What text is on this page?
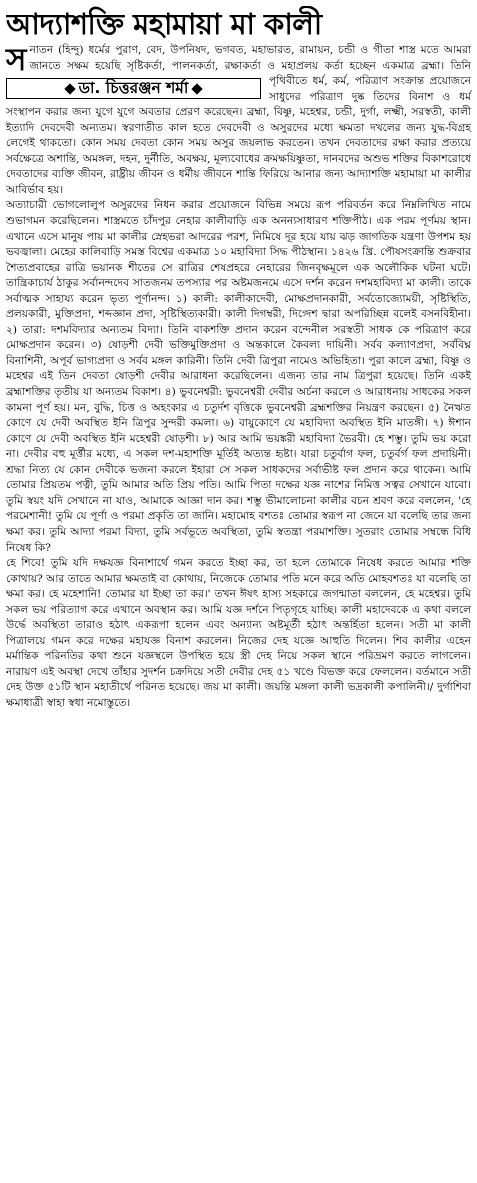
আদ্যাশক্তি মহামায়া মা কালী
স
ডা. চিত্তরঞ্জন শর্মা
নাতন (হিন্দু) ধর্মের পুরাণ, বেদ, উপনিষদ, ভগবত, মহাভারত, রামায়ন, চন্ডী ও গীতা শাস্ত্র মতে আমরা জানতে সক্ষম হয়েছি সৃষ্টিকর্তা, পালনকর্তা, রক্ষাকর্তা ও মহাপ্রলয় কর্তা হচ্ছেন একমাত্র ব্রহ্মা। তিনি পৃথিবীতে ধর্ম, কর্ম, পরিত্রাণ সংক্রান্ত প্রয়োজনে সাধুদের পরিত্রাণ দুষ্ক তিদের বিনাশ ও ধর্ম সংস্থাপন করার জন্য যুগে যুগে অবতার প্রেরণ করেছেন। ব্রহ্মা, বিষ্ণু, মহেশ্বর, চন্ডী, দুর্গা, লক্ষ্মী, সরস্বতী, কালী ইত্যাদি দেবদেবী অন্যতম। স্বরণাতীত কাল হতে দেবদেবী ও অসুরদের মধ্যে ক্ষমতা দখলের জন্য যুদ্ধ-বিগ্রহ লেগেই থাকতো। কোন সময় দেবতা কোন সময় অসুর জয়লাভ করতেন। তখন দেবতাদের রক্ষা করার প্রত্যয়ে সর্বক্ষেত্রে অশান্তি, অমঙ্গল, দহন, দুর্নীতি, অবক্ষয়, মূল্যবোধের ক্রমক্ষয়িষ্ণুতা, দানবদের অশুভ শক্তির বিকাশরোধে দেবতাদের ব্যক্তি জীবন, রাষ্ট্রীয় জীবন ও ধর্মীয় জীবনে শান্তি ফিরিয়ে আনার জন্য আদ্যাশক্তি মহামায়া মা কালীর আবির্ভাব হয়।

অত্যাচারী ভোগলোলুপ অসুরদের নিধন করার প্রয়োজনে বিভিন্ন সময়ে রূপ পরিবর্তন করে নিম্নলিখিত নামে শুভাগমন করেছিলেন। শাস্ত্রমতে চাঁদপুর নেহার কালীবাড়ি এক অনন্যসাধারণ শক্তিপীঠ। এক পরম পূর্ণময় স্থান। এখানে এসে মানুষ পায় মা কালীর স্নেহভরা আদরের পরশ, নিমিষে দূর হয়ে যায় ঝড় জাগতিক যন্ত্রণা উপশম হয় ভবজ্বালা। মেহের কালিবাড়ি সমস্ত বিশ্বের একমাত্র ১০ মহাবিদ্যা সিদ্ধ পীঠস্থান। ১৪২৬ খ্রি. পৌষসংক্রান্তি শুক্রবার শৈত্যপ্রবাহের রাত্রি ভয়ানক শীতের সে রাত্রির শেষপ্রহরে নেহারের জিনবৃক্ষমূলে এক অলৌকিক ঘটনা ঘটে। তান্ত্রিকাচার্য ঠাকুর সর্বানন্দদেব সাতজনম তপস্যার পর অষ্টমজনমে এসে দর্শন করেন দশমহাবিদ্যা মা কালী। তাকে সর্বাত্মক সাহায্য করেন ভৃত্য পূর্ণানন্দ। ১) কালী: কালীকাদেবী, মোক্ষপ্রদানকারী, সর্বতোজ্যোময়ী, সৃষ্টিস্থিতি, প্রলয়কারী, মুক্তিপ্রদা, শব্দজ্ঞান প্রদা, সৃষ্টিস্থিত্যকারী। কালী দিগম্বরী, দিগ্দেশ দ্বারা অপরিচ্ছিন্ন বলেই বসনবিহীনা। ২) তারা: দশমবিদ্যার অন্যতম বিদ্যা। তিনি বাকশক্তি প্রদান করেন বন্দেনীল সরস্বতী সাধক কে পরিত্রাণ করে মোক্ষপ্রদান করেন। ৩) ষোড়শী দেবী ভক্তিমুক্তিপ্রদা ও অন্তকালে কৈবল্য দায়িনী। সর্বব কল্যাণপ্রদা, সর্ববিঘ্ন বিনাশিনী, অপূর্ব ভাগ্যপ্রদা ও সর্বব মঙ্গল কারিনী। তিনি দেবী ত্রিপুরা নামেও অভিহিতা। পুরা কালে ব্রহ্মা, বিষ্ণু ও মহেশ্বর এই তিন দেবতা ষোড়শী দেবীর আরাধনা করেছিলেন। এজন্য তার নাম ত্রিপুরা হয়েছে। তিনি একই ব্রহ্মাশক্তির তৃতীয় যা অন্যতম বিকাশ। ৪) ভুবনেশ্বরী: ভুবনেশ্বরী দেবীর অর্চনা করলে ও আরাধনায় সাধকের সকল কামনা পূর্ণ হয়। মন, বুদ্ধি, চিত্ত ও অহংকার এ চতুর্দশ বৃত্তিকে ভুবনেশ্বরী ব্রহ্মশক্তির নিয়ন্ত্রণ করছেন। ৫) নৈঋত কোণে যে দেবী অবস্থিত ইনি ত্রিপুর সুন্দরী কমলা। ৬) বায়ুকোণে যে মহাবিদ্যা অবস্থিত ইনি মাতঙ্গী। ৭) ঈশান কোণে যে দেবী অবস্থিত ইনি মহেশ্বরী ষোড়শী। ৮) আর আমি ভয়ঙ্করী মহাবিদ্যা ভৈরবী। হে শম্ভু। তুমি ভয় করো না। দেবীর বহু মূর্ত্তীর মধ্যে, এ সকল দশ-মহাশক্তি মূর্তিই অত্যন্ত হৃষ্টা। যারা চতুর্বাগ ফল, চতুর্বর্গ ফল প্রদায়িনী। শ্রদ্ধা নিত্য যে কোন দেবীকে ভজনা করলে ইহারা সে সকল সাধকদের সর্বাভীষ্ট ফল প্রদান করে থাকেন। আমি তোমার প্রিয়তম পত্নী, তুমি আমার অতি প্রিয় পতি। আমি পিতা দক্ষের যজ্ঞ নাশের নিমিত্ত সত্বর সেখানে যাবো। তুমি স্বয়ং যদি সেখানে না যাও, আমাকে আজ্ঞা দান কর। শম্ভু ভীমালোচনা কালীর বচন শ্রবণ করে বললেন, 'হে পরমেশানী! তুমি যে পূর্ণা ও পরমা প্রকৃতি তা জানি। মহামোহ বশতঃ তোমার স্বরূপ না জেনে যা বলেছি তার জন্য ক্ষমা কর। তুমি আদ্যা পরমা বিদ্যা, তুমি সর্বভূতে অবস্থিতা, তুমি স্বতন্ত্রা পরমাশক্তি। সুতরাং তোমার সম্বন্ধে বিধি নিষেধ কি?

হে শিবে! তুমি যদি দক্ষযজ্ঞ বিনাশার্থে গমন করতে ইচ্ছা কর, তা হলে তোমাকে নিষেধ করতে আমার শক্তি কোথায়? আর তাতে আমার ক্ষমতাই বা কোথায়, নিজেকে তোমার পতি মনে করে অতি মোহবশতঃ যা বলেছি তা ক্ষমা কর। হে মহেশানি! তোমার যা ইচ্ছা তা কর।' তখন ঈষৎ হাস্য সহকারে জগন্মাতা বললেন, হে মহেশ্বর। তুমি সকল ভয় পরিত্যাগ করে এখানে অবস্থান কর। আমি যজ্ঞ দর্শনে পিতৃগৃহে যাচ্ছি। কালী মহাদেবকে এ কথা বললে উর্দ্ধে অবস্থিতা তারাও হঠাৎ একরূপা হলেন এবং অন্যান্য অষ্টমূর্তী হঠাৎ অন্তর্হিতা হলেন। সতী মা কালী পিত্রালয়ে গমন করে দক্ষের মহাযজ্ঞ বিনাশ করলেন। নিজের দেহ যজ্ঞে আহুতি দিলেন। শিব কালীর এহেন মর্মান্তিক পরিনতির কথা শুনে যজ্ঞস্থলে উপস্থিত হয়ে স্ত্রী দেহ নিয়ে সকল স্থানে পরিভ্রমণ করতে লাগলেন। নারায়ণ এই অবস্থা দেখে তাঁহার সুদর্শন চক্রদিয়ে সতী দেবীর দেহ ৫১ খণ্ডে বিভক্ত করে ফেললেন। বর্তমানে সতী দেহ উক্ত ৫১টি স্থান মহাতীর্থে পরিনত হয়েছে। জয় মা কালী। জয়ন্তি মঙ্গলা কালী ভদ্রকালী কপালিনী।/ দুর্গাশিবা ক্ষমাধাত্রী স্বাহা স্বধা নমোস্তুতে।
